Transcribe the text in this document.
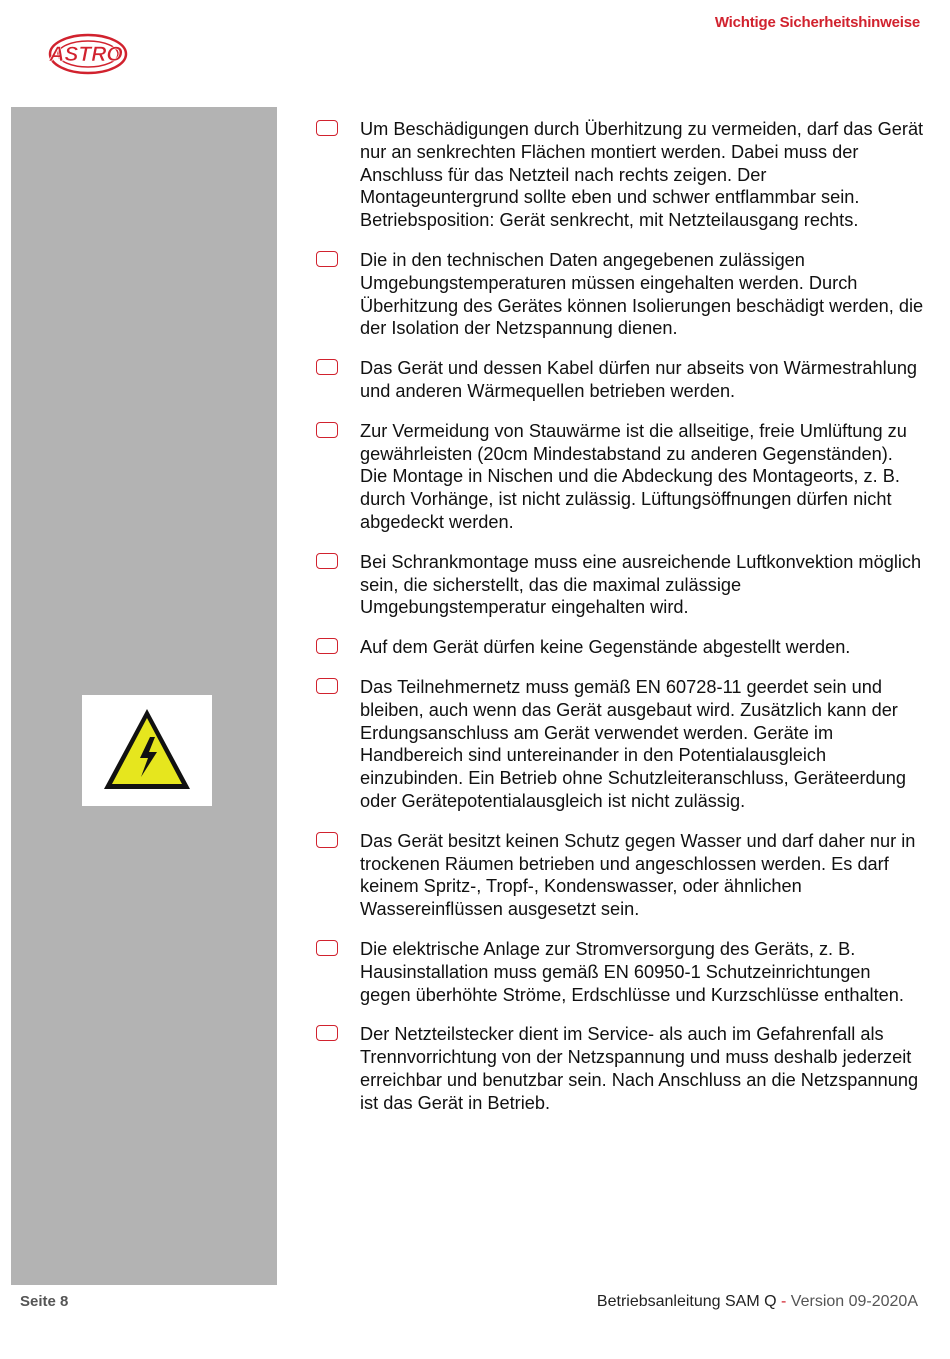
ASTRO
Wichtige Sicherheitshinweise
Um Beschädigungen durch Überhitzung zu vermeiden, darf das Gerät nur an senkrechten Flächen montiert werden. Dabei muss der Anschluss für das Netzteil nach rechts zeigen. Der Montageuntergrund sollte eben und schwer entflammbar sein. Betriebsposition: Gerät senkrecht, mit Netzteilausgang rechts.
Die in den technischen Daten angegebenen zulässigen Umgebungstemperaturen müssen eingehalten werden. Durch Überhitzung des Gerätes können Isolierungen beschädigt werden, die der Isolation der Netzspannung dienen.
Das Gerät und dessen Kabel dürfen nur abseits von Wärmestrahlung und anderen Wärmequellen betrieben werden.
Zur Vermeidung von Stauwärme ist die allseitige, freie Umlüftung zu gewährleisten (20cm Mindestabstand zu anderen Gegenständen). Die Montage in Nischen und die Abdeckung des Montageorts, z. B. durch Vorhänge, ist nicht zulässig. Lüftungsöffnungen dürfen nicht abgedeckt werden.
Bei Schrankmontage muss eine ausreichende Luftkonvektion möglich sein, die sicherstellt, das die maximal zulässige Umgebungstemperatur eingehalten wird.
Auf dem Gerät dürfen keine Gegenstände abgestellt werden.
Das Teilnehmernetz muss gemäß EN 60728-11 geerdet sein und bleiben, auch wenn das Gerät ausgebaut wird. Zusätzlich kann der Erdungsanschluss am Gerät verwendet werden. Geräte im Handbereich sind untereinander in den Potentialausgleich einzubinden. Ein Betrieb ohne Schutzleiteranschluss, Geräteerdung oder Gerätepotentialausgleich ist nicht zulässig.
Das Gerät besitzt keinen Schutz gegen Wasser und darf daher nur in trockenen Räumen betrieben und angeschlossen werden. Es darf keinem Spritz-, Tropf-, Kondenswasser, oder ähnlichen Wassereinflüssen ausgesetzt sein.
Die elektrische Anlage zur Stromversorgung des Geräts, z. B. Hausinstallation muss gemäß EN 60950-1 Schutzeinrichtungen gegen überhöhte Ströme, Erdschlüsse und Kurzschlüsse enthalten.
Der Netzteilstecker dient im Service- als auch im Gefahrenfall als Trennvorrichtung von der Netzspannung und muss deshalb jederzeit erreichbar und benutzbar sein. Nach Anschluss an die Netzspannung ist das Gerät in Betrieb.
Seite 8	Betriebsanleitung SAM Q - Version 09-2020A
